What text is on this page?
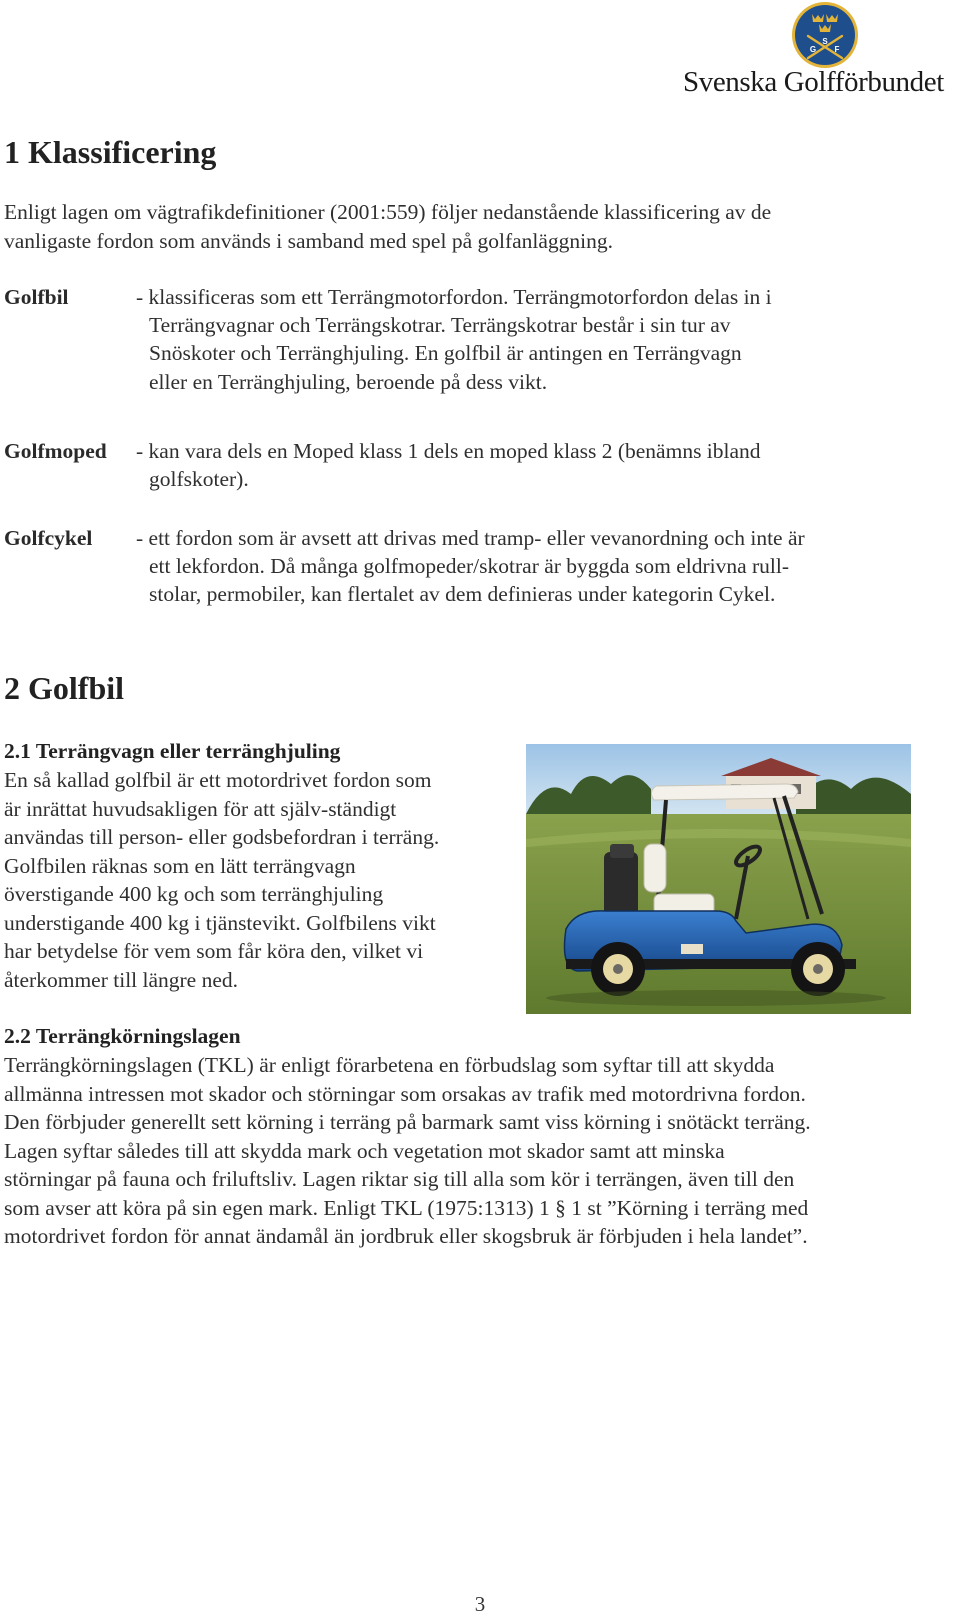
S
G F
Svenska Golfförbundet
1 Klassificering
Enligt lagen om vägtrafikdefinitioner (2001:559) följer nedanstående klassificering av de
vanligaste fordon som används i samband med spel på golfanläggning.
Golfbil	- klassificeras som ett Terrängmotorfordon. Terrängmotorfordon delas in i
Terrängvagnar och Terrängskotrar. Terrängskotrar består i sin tur av
Snöskoter och Terränghjuling. En golfbil är antingen en Terrängvagn
eller en Terränghjuling, beroende på dess vikt.
Golfmoped - kan vara dels en Moped klass 1 dels en moped klass 2 (benämns ibland
golfskoter).
Golfcykel - ett fordon som är avsett att drivas med tramp- eller vevanordning och inte är
ett lekfordon. Då många golfmopeder/skotrar är byggda som eldrivna rull-
stolar, permobiler, kan flertalet av dem definieras under kategorin Cykel.
2 Golfbil
2.1 Terrängvagn eller terränghjuling
En så kallad golfbil är ett motordrivet fordon som
är inrättat huvudsakligen för att själv-ständigt
användas till person- eller godsbefordran i terräng.
Golfbilen räknas som en lätt terrängvagn
överstigande 400 kg och som terränghjuling
understigande 400 kg i tjänstevikt. Golfbilens vikt
har betydelse för vem som får köra den, vilket vi
återkommer till längre ned.
2.2 Terrängkörningslagen
Terrängkörningslagen (TKL) är enligt förarbetena en förbudslag som syftar till att skydda
allmänna intressen mot skador och störningar som orsakas av trafik med motordrivna fordon.
Den förbjuder generellt sett körning i terräng på barmark samt viss körning i snötäckt terräng.
Lagen syftar således till att skydda mark och vegetation mot skador samt att minska
störningar på fauna och friluftsliv. Lagen riktar sig till alla som kör i terrängen, även till den
som avser att köra på sin egen mark. Enligt TKL (1975:1313) 1 § 1 st ”Körning i terräng med
motordrivet fordon för annat ändamål än jordbruk eller skogsbruk är förbjuden i hela landet”.
3
